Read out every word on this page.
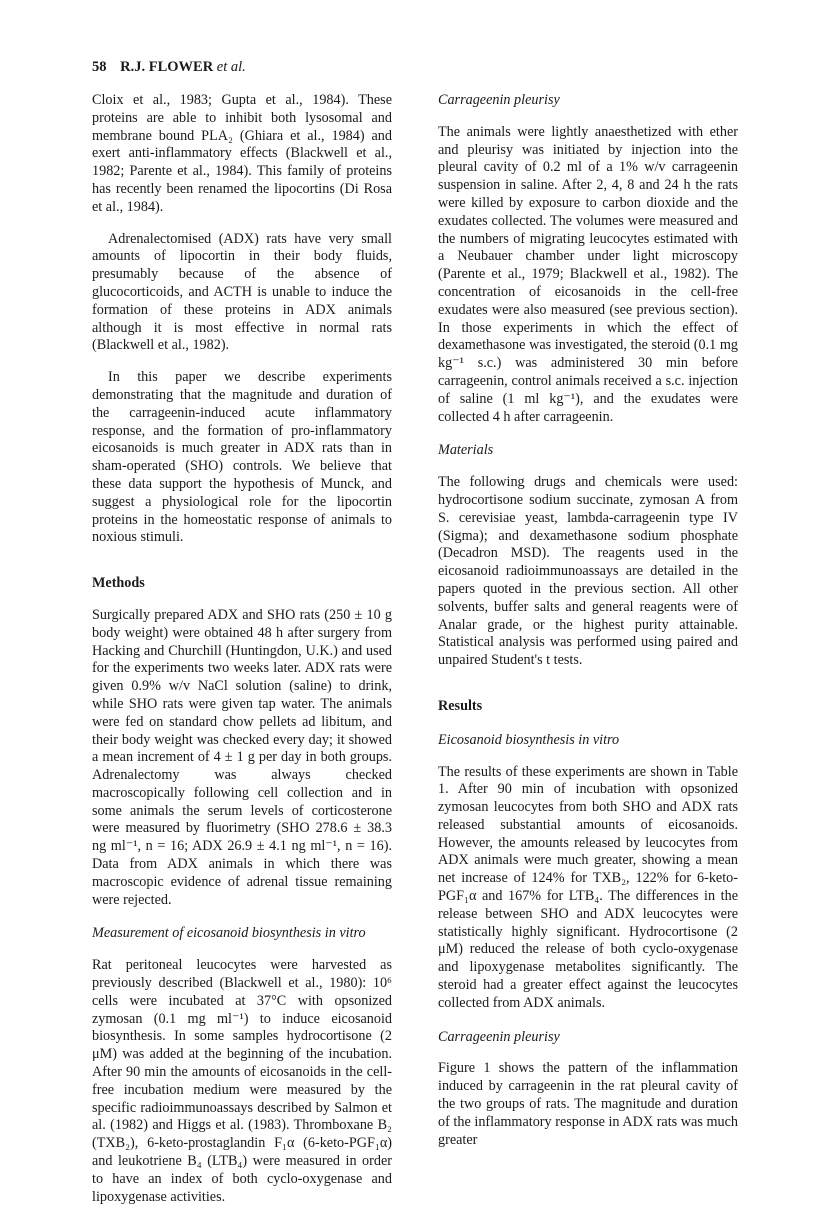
58 R.J. FLOWER et al.

Cloix et al., 1983; Gupta et al., 1984). These proteins are able to inhibit both lysosomal and membrane bound PLA₂ (Ghiara et al., 1984) and exert anti-inflammatory effects (Blackwell et al., 1982; Parente et al., 1984). This family of proteins has recently been renamed the lipocortins (Di Rosa et al., 1984).

Adrenalectomised (ADX) rats have very small amounts of lipocortin in their body fluids, presumably because of the absence of glucocorticoids, and ACTH is unable to induce the formation of these proteins in ADX animals although it is most effective in normal rats (Blackwell et al., 1982).

In this paper we describe experiments demonstrating that the magnitude and duration of the carrageenin-induced acute inflammatory response, and the formation of pro-inflammatory eicosanoids is much greater in ADX rats than in sham-operated (SHO) controls. We believe that these data support the hypothesis of Munck, and suggest a physiological role for the lipocortin proteins in the homeostatic response of animals to noxious stimuli.

Methods

Surgically prepared ADX and SHO rats (250 ± 10 g body weight) were obtained 48 h after surgery from Hacking and Churchill (Huntingdon, U.K.) and used for the experiments two weeks later. ADX rats were given 0.9% w/v NaCl solution (saline) to drink, while SHO rats were given tap water. The animals were fed on standard chow pellets ad libitum, and their body weight was checked every day; it showed a mean increment of 4 ± 1 g per day in both groups. Adrenalectomy was always checked macroscopically following cell collection and in some animals the serum levels of corticosterone were measured by fluorimetry (SHO 278.6 ± 38.3 ng ml⁻¹, n = 16; ADX 26.9 ± 4.1 ng ml⁻¹, n = 16). Data from ADX animals in which there was macroscopic evidence of adrenal tissue remaining were rejected.

Measurement of eicosanoid biosynthesis in vitro

Rat peritoneal leucocytes were harvested as previously described (Blackwell et al., 1980): 10⁶ cells were incubated at 37°C with opsonized zymosan (0.1 mg ml⁻¹) to induce eicosanoid biosynthesis. In some samples hydrocortisone (2 μM) was added at the beginning of the incubation. After 90 min the amounts of eicosanoids in the cell-free incubation medium were measured by the specific radioimmunoassays described by Salmon et al. (1982) and Higgs et al. (1983). Thromboxane B₂ (TXB₂), 6-keto-prostaglandin F₁α (6-keto-PGF₁α) and leukotriene B₄ (LTB₄) were measured in order to have an index of both cyclo-oxygenase and lipoxygenase activities.

Carrageenin pleurisy

The animals were lightly anaesthetized with ether and pleurisy was initiated by injection into the pleural cavity of 0.2 ml of a 1% w/v carrageenin suspension in saline. After 2, 4, 8 and 24 h the rats were killed by exposure to carbon dioxide and the exudates collected. The volumes were measured and the numbers of migrating leucocytes estimated with a Neubauer chamber under light microscopy (Parente et al., 1979; Blackwell et al., 1982). The concentration of eicosanoids in the cell-free exudates were also measured (see previous section). In those experiments in which the effect of dexamethasone was investigated, the steroid (0.1 mg kg⁻¹ s.c.) was administered 30 min before carrageenin, control animals received a s.c. injection of saline (1 ml kg⁻¹), and the exudates were collected 4 h after carrageenin.

Materials

The following drugs and chemicals were used: hydrocortisone sodium succinate, zymosan A from S. cerevisiae yeast, lambda-carrageenin type IV (Sigma); and dexamethasone sodium phosphate (Decadron MSD). The reagents used in the eicosanoid radioimmunoassays are detailed in the papers quoted in the previous section. All other solvents, buffer salts and general reagents were of Analar grade, or the highest purity attainable. Statistical analysis was performed using paired and unpaired Student's t tests.

Results
Eicosanoid biosynthesis in vitro

The results of these experiments are shown in Table 1. After 90 min of incubation with opsonized zymosan leucocytes from both SHO and ADX rats released substantial amounts of eicosanoids. However, the amounts released by leucocytes from ADX animals were much greater, showing a mean net increase of 124% for TXB₂, 122% for 6-keto-PGF₁α and 167% for LTB₄. The differences in the release between SHO and ADX leucocytes were statistically highly significant. Hydrocortisone (2 μM) reduced the release of both cyclo-oxygenase and lipoxygenase metabolites significantly. The steroid had a greater effect against the leucocytes collected from ADX animals.

Carrageenin pleurisy

Figure 1 shows the pattern of the inflammation induced by carrageenin in the rat pleural cavity of the two groups of rats. The magnitude and duration of the inflammatory response in ADX rats was much greater
